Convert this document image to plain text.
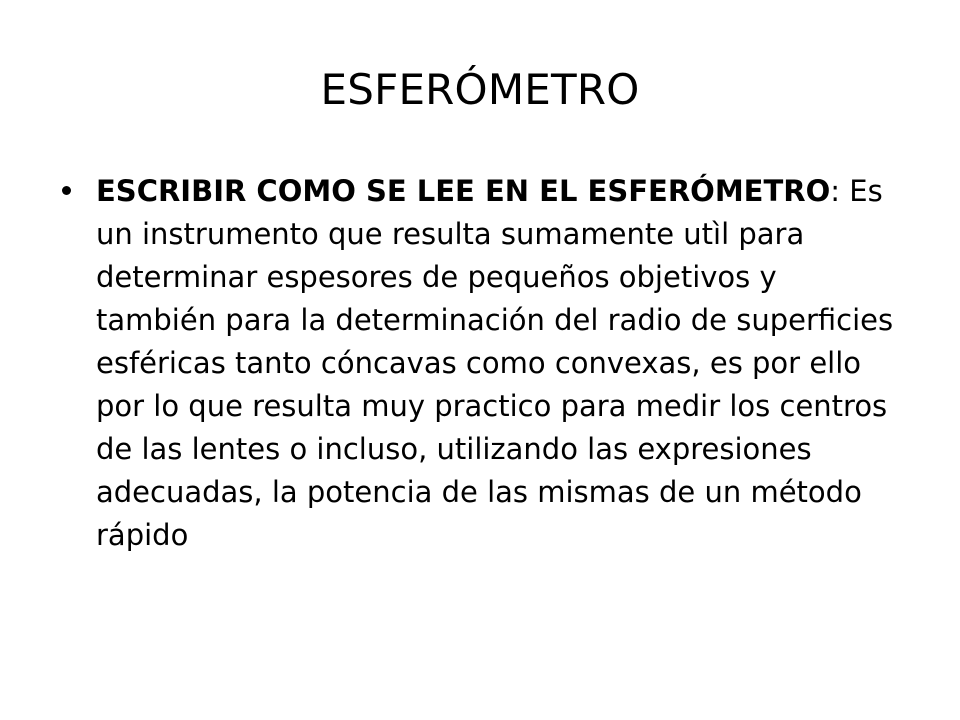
ESFERÓMETRO
ESCRIBIR COMO SE LEE EN EL ESFERÓMETRO: Es un instrumento que resulta sumamente utìl para determinar espesores de pequeños objetivos y también para la determinación del radio de superficies esféricas tanto cóncavas como convexas, es por ello por lo que resulta muy practico para medir los centros de las lentes o incluso, utilizando las expresiones adecuadas, la potencia de las mismas de un método rápido
